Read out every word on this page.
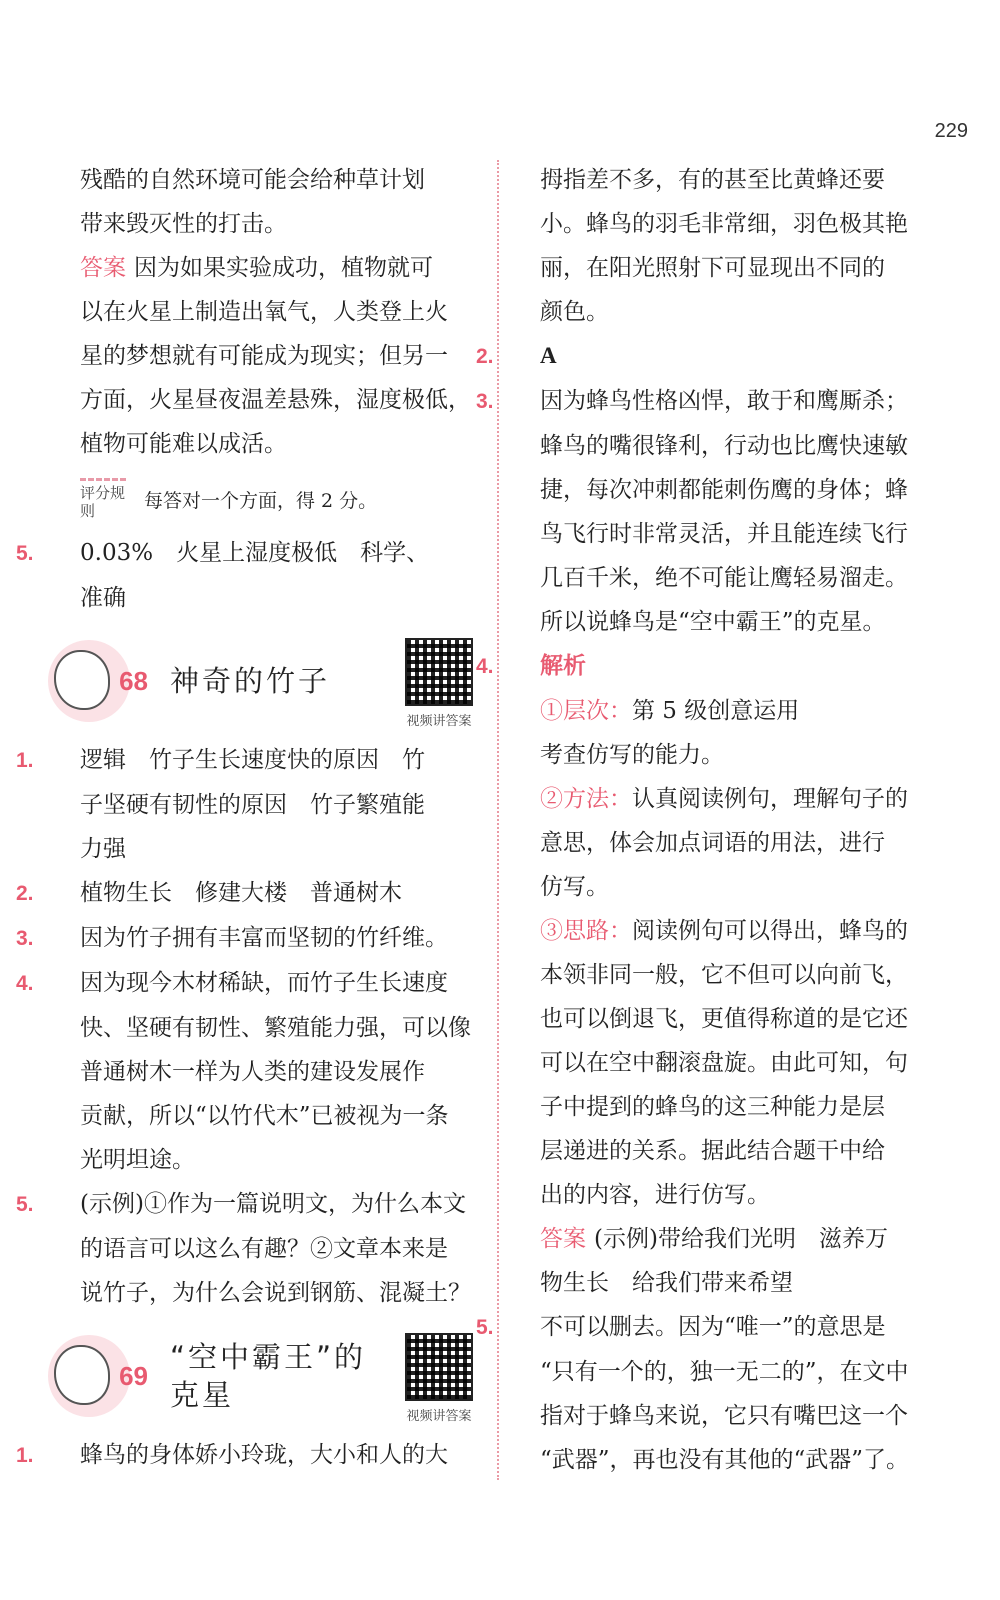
229

残酷的自然环境可能会给种草计划

带来毁灭性的打击。

答案 因为如果实验成功，植物就可

以在火星上制造出氧气，人类登上火

星的梦想就有可能成为现实；但另一

方面，火星昼夜温差悬殊，湿度极低，

植物可能难以成活。

评分规则	每答对一个方面，得 2 分。

5. 0.03%　火星上湿度极低　科学、

准确

68 神奇的竹子
视频讲答案

1. 逻辑　竹子生长速度快的原因　竹

子坚硬有韧性的原因　竹子繁殖能

力强

2. 植物生长　修建大楼　普通树木

3. 因为竹子拥有丰富而坚韧的竹纤维。

4. 因为现今木材稀缺，而竹子生长速度

快、坚硬有韧性、繁殖能力强，可以像

普通树木一样为人类的建设发展作

贡献，所以“以竹代木”已被视为一条

光明坦途。

5. (示例)①作为一篇说明文，为什么本文

的语言可以这么有趣？②文章本来是

说竹子，为什么会说到钢筋、混凝土？

69
“空中霸王”的
克星
视频讲答案

1. 蜂鸟的身体娇小玲珑，大小和人的大

拇指差不多，有的甚至比黄蜂还要

小。蜂鸟的羽毛非常细，羽色极其艳

丽，在阳光照射下可显现出不同的

颜色。

2. A

3. 因为蜂鸟性格凶悍，敢于和鹰厮杀；

蜂鸟的嘴很锋利，行动也比鹰快速敏

捷，每次冲刺都能刺伤鹰的身体；蜂

鸟飞行时非常灵活，并且能连续飞行

几百千米，绝不可能让鹰轻易溜走。

所以说蜂鸟是“空中霸王”的克星。

4. 解析

①层次：第 5 级创意运用

考查仿写的能力。

②方法：认真阅读例句，理解句子的

意思，体会加点词语的用法，进行

仿写。

③思路：阅读例句可以得出，蜂鸟的

本领非同一般，它不但可以向前飞，

也可以倒退飞，更值得称道的是它还

可以在空中翻滚盘旋。由此可知，句

子中提到的蜂鸟的这三种能力是层

层递进的关系。据此结合题干中给

出的内容，进行仿写。

答案 (示例)带给我们光明　滋养万

物生长　给我们带来希望

5. 不可以删去。因为“唯一”的意思是

“只有一个的，独一无二的”，在文中

指对于蜂鸟来说，它只有嘴巴这一个

“武器”，再也没有其他的“武器”了。
